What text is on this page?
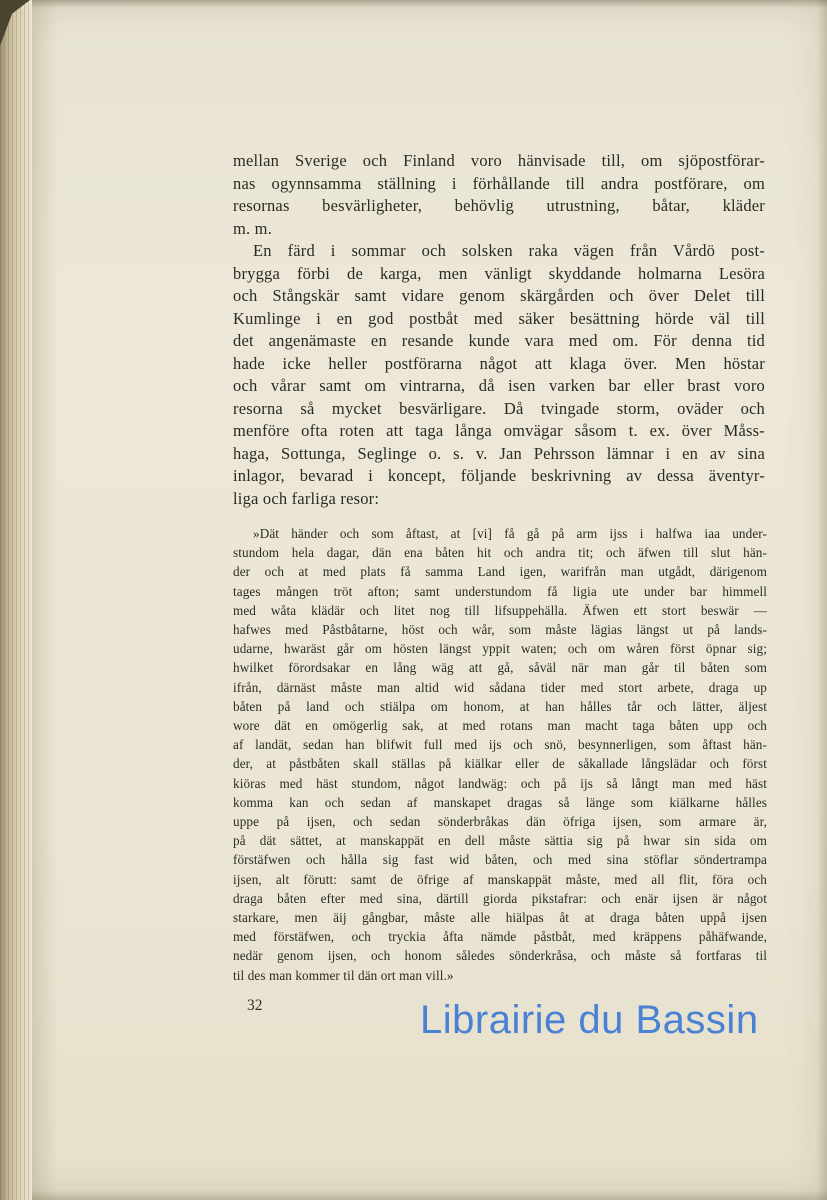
mellan Sverige och Finland voro hänvisade till, om sjöpostförar-
nas ogynnsamma ställning i förhållande till andra postförare, om
resornas besvärligheter, behövlig utrustning, båtar, kläder
m. m.
En färd i sommar och solsken raka vägen från Vårdö post-
brygga förbi de karga, men vänligt skyddande holmarna Lesöra
och Stångskär samt vidare genom skärgården och över Delet till
Kumlinge i en god postbåt med säker besättning hörde väl till
det angenämaste en resande kunde vara med om. För denna tid
hade icke heller postförarna något att klaga över. Men höstar
och vårar samt om vintrarna, då isen varken bar eller brast voro
resorna så mycket besvärligare. Då tvingade storm, oväder och
menföre ofta roten att taga långa omvägar såsom t. ex. över Måss-
haga, Sottunga, Seglinge o. s. v. Jan Pehrsson lämnar i en av sina
inlagor, bevarad i koncept, följande beskrivning av dessa äventyr-
liga och farliga resor:
»Dät händer och som åftast, at [vi] få gå på arm ijss i halfwa iaa under-
stundom hela dagar, dän ena båten hit och andra tit; och äfwen till slut hän-
der och at med plats få samma Land igen, warifrån man utgådt, därigenom
tages mången tröt afton; samt understundom få ligia ute under bar himmell
med wåta klädär och litet nog till lifsuppehälla. Äfwen ett stort beswär —
hafwes med Påstbåtarne, höst och wår, som måste lägias längst ut på lands-
udarne, hwaräst går om hösten längst yppit waten; och om wåren först öpnar sig;
hwilket förordsakar en lång wäg att gå, såväl när man går til båten som
ifrån, därnäst måste man altid wid sådana tider med stort arbete, draga up
båten på land och stiälpa om honom, at han hålles tår och lätter, äljest
wore dät en omögerlig sak, at med rotans man macht taga båten upp och
af landät, sedan han blifwit full med ijs och snö, besynnerligen, som åftast hän-
der, at påstbåten skall ställas på kiälkar eller de såkallade långslädar och först
kiöras med häst stundom, något landwäg: och på ijs så långt man med häst
komma kan och sedan af manskapet dragas så länge som kiälkarne hålles
uppe på ijsen, och sedan sönderbråkas dän öfriga ijsen, som armare är,
på dät sättet, at manskappät en dell måste sättia sig på hwar sin sida om
förstäfwen och hålla sig fast wid båten, och med sina stöflar söndertrampa
ijsen, alt förutt: samt de öfrige af manskappät måste, med all flit, föra och
draga båten efter med sina, därtill giorda pikstafrar: och enär ijsen är något
starkare, men äij gångbar, måste alle hiälpas åt at draga båten uppå ijsen
med förstäfwen, och tryckia åfta nämde påstbåt, med kräppens påhäfwande,
nedär genom ijsen, och honom således sönderkråsa, och måste så fortfaras til
til des man kommer til dän ort man vill.»
32	Librairie du Bassin
